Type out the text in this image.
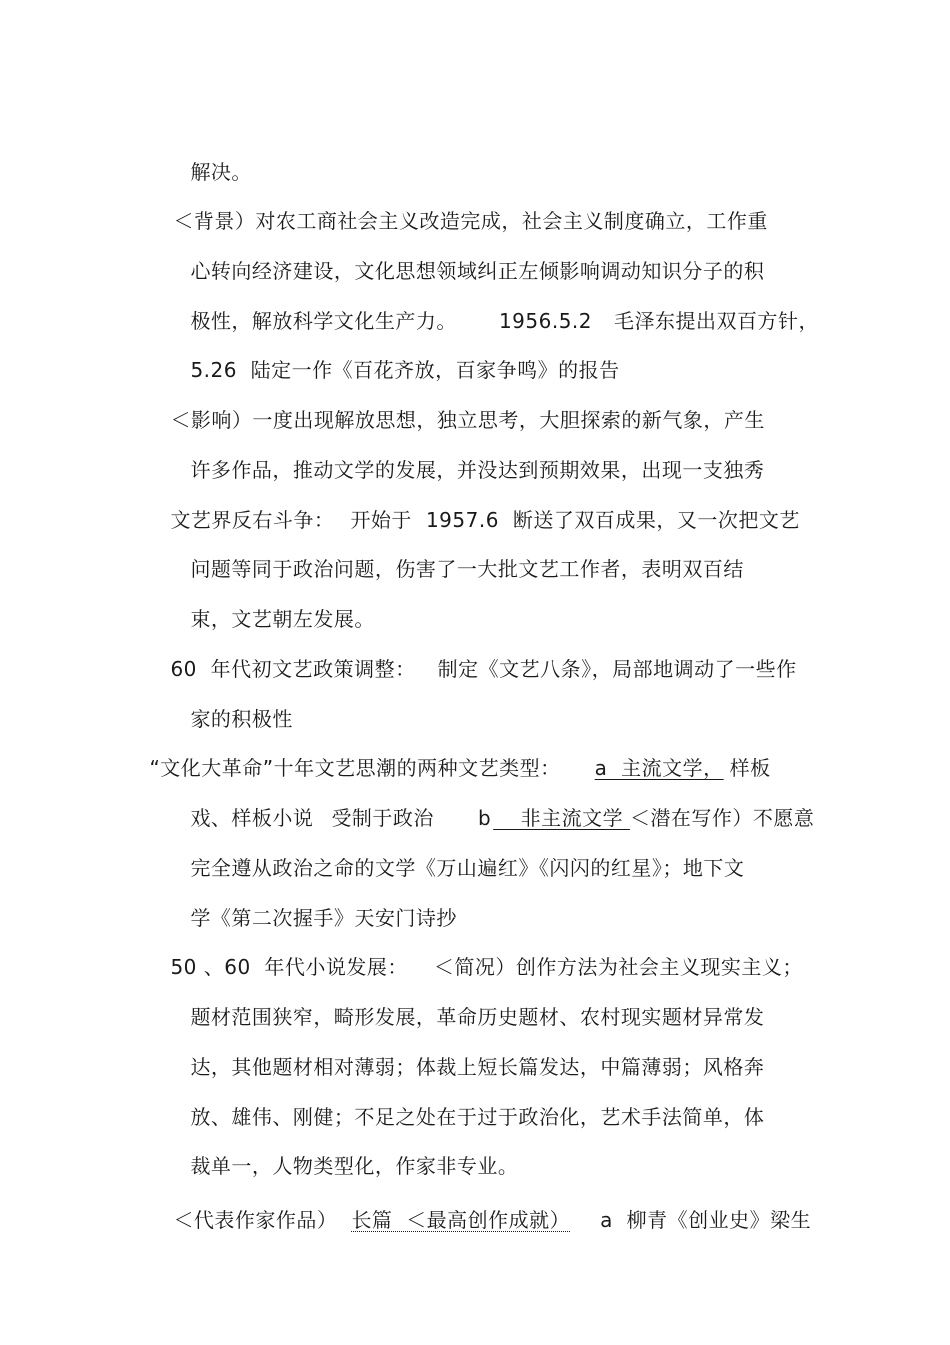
解决。

＜背景）对农工商社会主义改造完成，社会主义制度确立，工作重

心转向经济建设，文化思想领域纠正左倾影响调动知识分子的积

极性，解放科学文化生产力。 1956.5.2 毛泽东提出双百方针，

5.26  陆定一作《百花齐放，百家争鸣》的报告

＜影响）一度出现解放思想，独立思考，大胆探索的新气象，产生

许多作品，推动文学的发展，并没达到预期效果，出现一支独秀

文艺界反右斗争： 开始于 1957.6 断送了双百成果，又一次把文艺

问题等同于政治问题，伤害了一大批文艺工作者，表明双百结

束，文艺朝左发展。

60  年代初文艺政策调整： 制定《文艺八条》，局部地调动了一些作

家的积极性

“文化大革命”十年文艺思潮的两种文艺类型： a  主流文学， 样板

戏、样板小说 受制于政治 b    非主流文学 ＜潜在写作）不愿意

完全遵从政治之命的文学《万山遍红》《闪闪的红星》；地下文

学《第二次握手》天安门诗抄

50 、60  年代小说发展： ＜简况）创作方法为社会主义现实主义；

题材范围狭窄，畸形发展，革命历史题材、农村现实题材异常发

达，其他题材相对薄弱；体裁上短长篇发达，中篇薄弱；风格奔

放、雄伟、刚健；不足之处在于过于政治化，艺术手法简单，体

裁单一，人物类型化，作家非专业。

＜代表作家作品） 长篇  ＜最高创作成就） a  柳青《创业史》梁生
